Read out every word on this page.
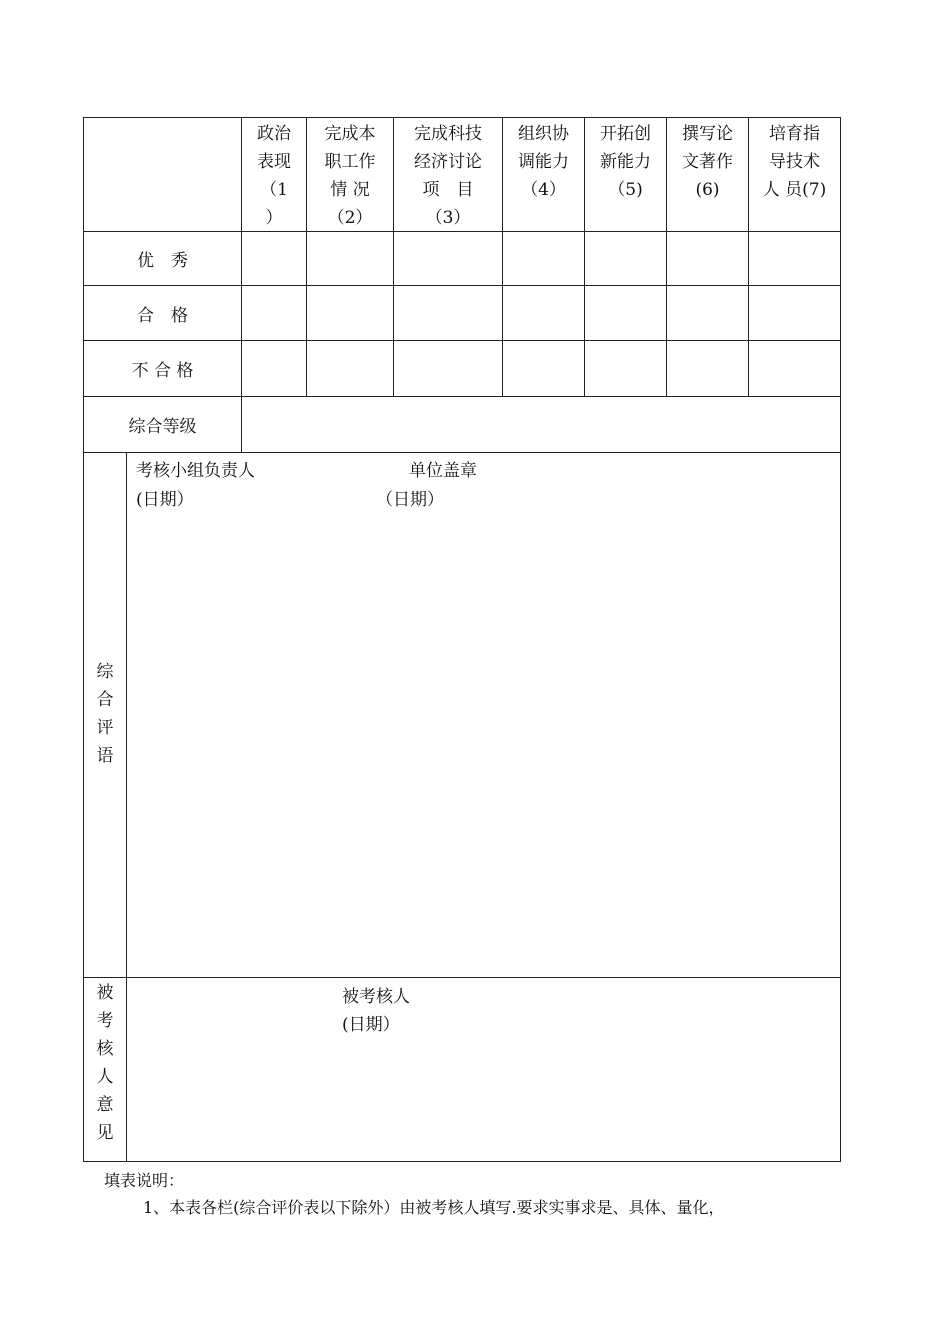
政治
表现
（1
）
完成本
职工作
情 况
（2）
完成科技
经济讨论
项　目
（3）
组织协
调能力
（4）
开拓创
新能力
（5)
撰写论
文著作
(6)
培育指
导技术
人 员(7)
优　秀
合　格
不 合 格
综合等级
综
合
评
语
考核小组负责人
(日期）
单位盖章
（日期）
被
考
核
人
意
见
被考核人
(日期）
填表说明：
1、本表各栏(综合评价表以下除外）由被考核人填写.要求实事求是、具体、量化，
